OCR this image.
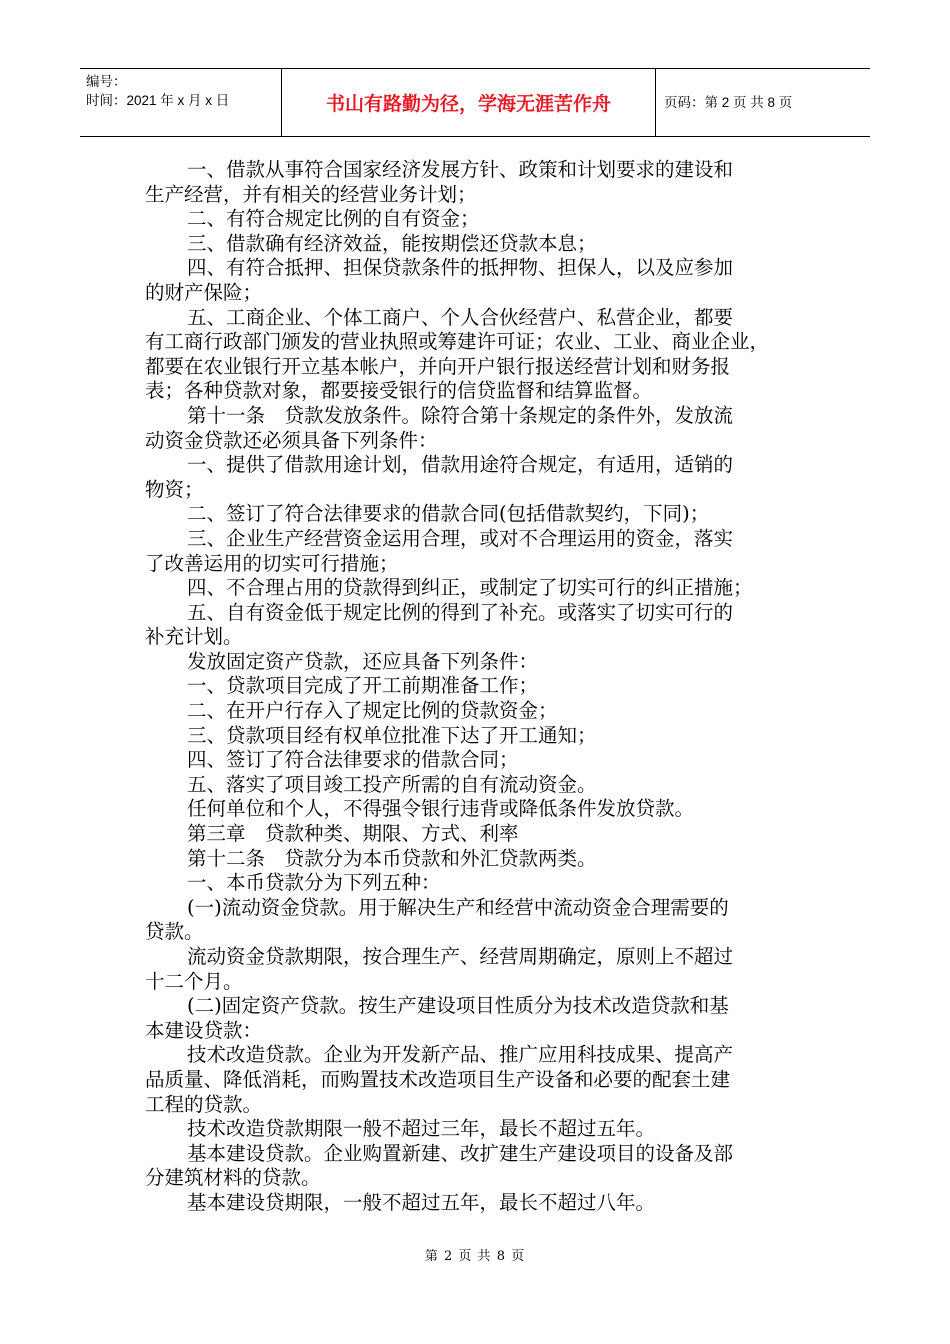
编号：
时间：2021 年 x 月 x 日	书山有路勤为径，学海无涯苦作舟	页码：第 2 页 共 8 页
一、借款从事符合国家经济发展方针、政策和计划要求的建设和
生产经营，并有相关的经营业务计划；
二、有符合规定比例的自有资金；
三、借款确有经济效益，能按期偿还贷款本息；
四、有符合抵押、担保贷款条件的抵押物、担保人，以及应参加
的财产保险；
五、工商企业、个体工商户、个人合伙经营户、私营企业，都要
有工商行政部门颁发的营业执照或筹建许可证；农业、工业、商业企业，
都要在农业银行开立基本帐户，并向开户银行报送经营计划和财务报
表；各种贷款对象，都要接受银行的信贷监督和结算监督。
第十一条　贷款发放条件。除符合第十条规定的条件外，发放流
动资金贷款还必须具备下列条件：
一、提供了借款用途计划，借款用途符合规定，有适用，适销的
物资；
二、签订了符合法律要求的借款合同(包括借款契约，下同)；
三、企业生产经营资金运用合理，或对不合理运用的资金，落实
了改善运用的切实可行措施；
四、不合理占用的贷款得到纠正，或制定了切实可行的纠正措施；
五、自有资金低于规定比例的得到了补充。或落实了切实可行的
补充计划。
发放固定资产贷款，还应具备下列条件：
一、贷款项目完成了开工前期准备工作；
二、在开户行存入了规定比例的贷款资金；
三、贷款项目经有权单位批准下达了开工通知；
四、签订了符合法律要求的借款合同；
五、落实了项目竣工投产所需的自有流动资金。
任何单位和个人，不得强令银行违背或降低条件发放贷款。
第三章　贷款种类、期限、方式、利率
第十二条　贷款分为本币贷款和外汇贷款两类。
一、本币贷款分为下列五种：
(一)流动资金贷款。用于解决生产和经营中流动资金合理需要的
贷款。
流动资金贷款期限，按合理生产、经营周期确定，原则上不超过
十二个月。
(二)固定资产贷款。按生产建设项目性质分为技术改造贷款和基
本建设贷款：
技术改造贷款。企业为开发新产品、推广应用科技成果、提高产
品质量、降低消耗，而购置技术改造项目生产设备和必要的配套土建
工程的贷款。
技术改造贷款期限一般不超过三年，最长不超过五年。
基本建设贷款。企业购置新建、改扩建生产建设项目的设备及部
分建筑材料的贷款。
基本建设贷期限，一般不超过五年，最长不超过八年。
第 2 页 共 8 页
